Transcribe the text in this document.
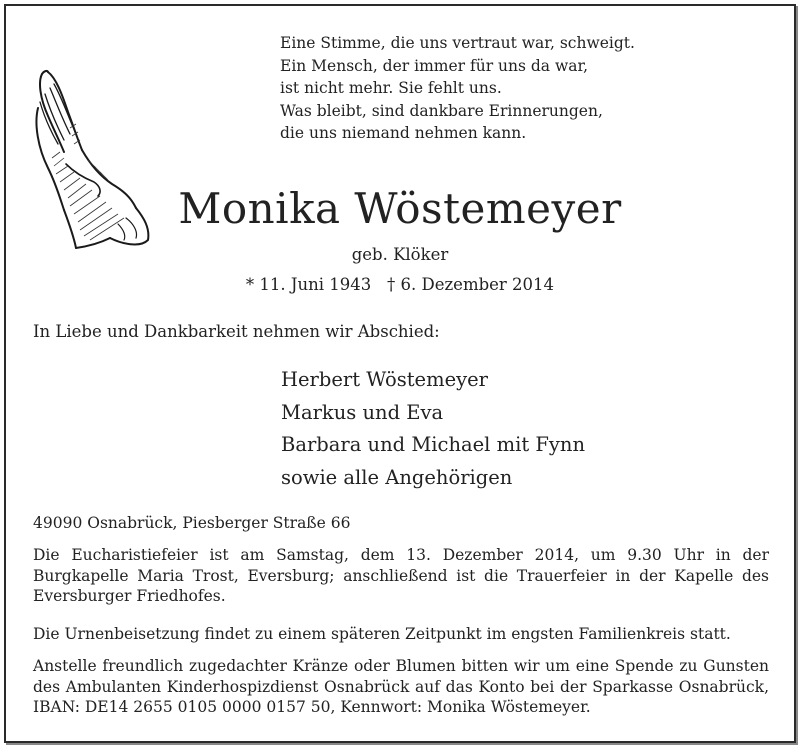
Eine Stimme, die uns vertraut war, schweigt.
Ein Mensch, der immer für uns da war,
ist nicht mehr. Sie fehlt uns.
Was bleibt, sind dankbare Erinnerungen,
die uns niemand nehmen kann.
Monika Wöstemeyer
geb. Klöker
* 11. Juni 1943   † 6. Dezember 2014
In Liebe und Dankbarkeit nehmen wir Abschied:
Herbert Wöstemeyer
Markus und Eva
Barbara und Michael mit Fynn
sowie alle Angehörigen
49090 Osnabrück, Piesberger Straße 66
Die Eucharistiefeier ist am Samstag, dem 13. Dezember 2014, um 9.30 Uhr in der Burgkapelle Maria Trost, Eversburg; anschließend ist die Trauerfeier in der Kapelle des Eversburger Friedhofes.
Die Urnenbeisetzung findet zu einem späteren Zeitpunkt im engsten Familienkreis statt.
Anstelle freundlich zugedachter Kränze oder Blumen bitten wir um eine Spende zu Gunsten des Ambulanten Kinderhospizdienst Osnabrück auf das Konto bei der Sparkasse Osnabrück, IBAN: DE14 2655 0105 0000 0157 50, Kennwort: Monika Wöstemeyer.
